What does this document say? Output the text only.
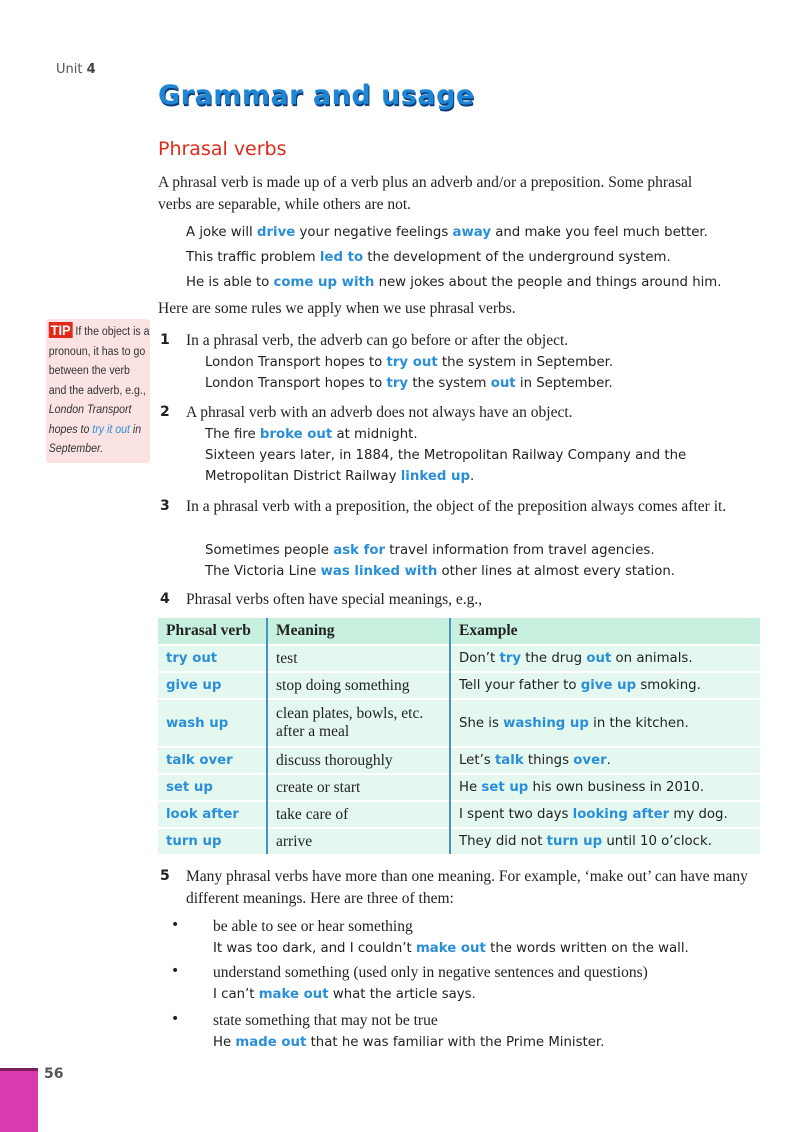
Unit 4
Grammar and usage
Phrasal verbs
A phrasal verb is made up of a verb plus an adverb and/or a preposition. Some phrasal verbs are separable, while others are not.
A joke will drive your negative feelings away and make you feel much better.
This traffic problem led to the development of the underground system.
He is able to come up with new jokes about the people and things around him.
Here are some rules we apply when we use phrasal verbs.
TIP If the object is a pronoun, it has to go between the verb and the adverb, e.g., London Transport hopes to try it out in September.
1 In a phrasal verb, the adverb can go before or after the object.
London Transport hopes to try out the system in September.
London Transport hopes to try the system out in September.
2 A phrasal verb with an adverb does not always have an object.
The fire broke out at midnight.
Sixteen years later, in 1884, the Metropolitan Railway Company and the
Metropolitan District Railway linked up.
3 In a phrasal verb with a preposition, the object of the preposition always comes after it.
Sometimes people ask for travel information from travel agencies.
The Victoria Line was linked with other lines at almost every station.
4 Phrasal verbs often have special meanings, e.g.,
Phrasal verb	Meaning	Example
try out	test	Don’t try the drug out on animals.
give up	stop doing something	Tell your father to give up smoking.
wash up	clean plates, bowls, etc. after a meal	She is washing up in the kitchen.
talk over	discuss thoroughly	Let’s talk things over.
set up	create or start	He set up his own business in 2010.
look after	take care of	I spent two days looking after my dog.
turn up	arrive	They did not turn up until 10 o’clock.
5 Many phrasal verbs have more than one meaning. For example, ‘make out’ can have many different meanings. Here are three of them:
• be able to see or hear something
It was too dark, and I couldn’t make out the words written on the wall.
• understand something (used only in negative sentences and questions)
I can’t make out what the article says.
• state something that may not be true
He made out that he was familiar with the Prime Minister.
56
